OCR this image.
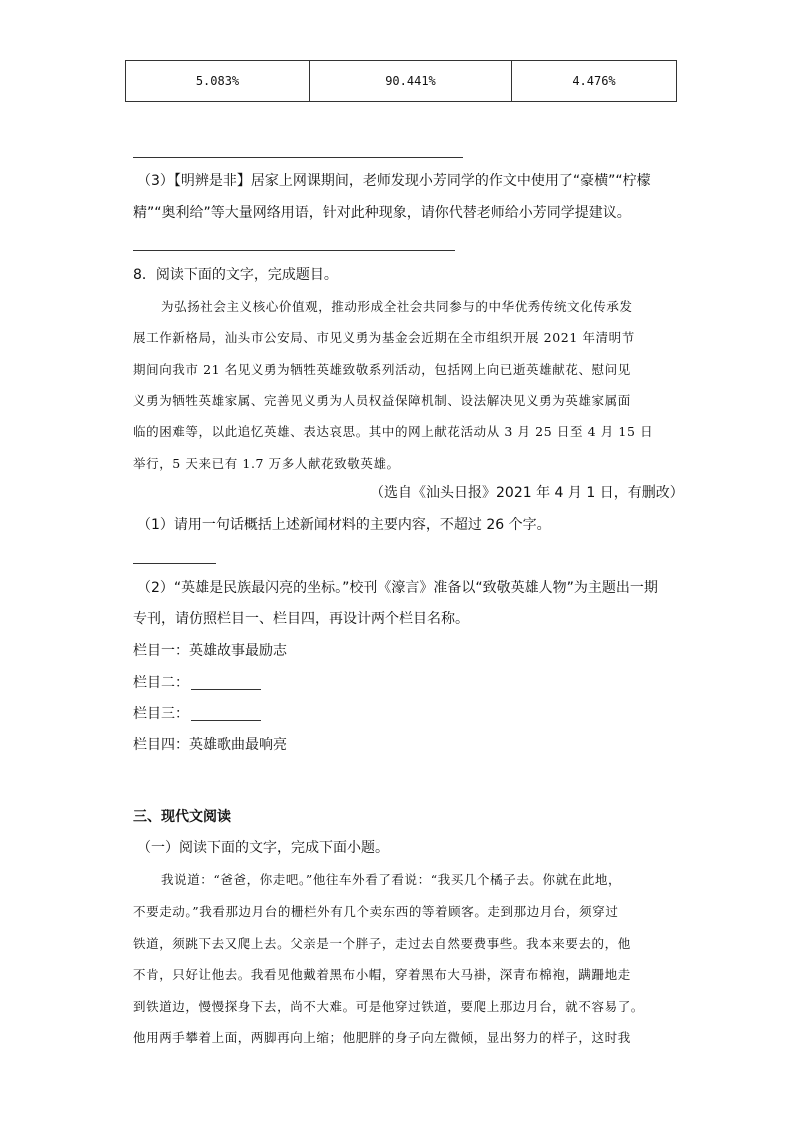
5.083%	90.441%	4.476%
（3）【明辨是非】居家上网课期间，老师发现小芳同学的作文中使用了“豪横”“柠檬
精”“奥利给”等大量网络用语，针对此种现象，请你代替老师给小芳同学提建议。
8．阅读下面的文字，完成题目。
为弘扬社会主义核心价值观，推动形成全社会共同参与的中华优秀传统文化传承发
展工作新格局，汕头市公安局、市见义勇为基金会近期在全市组织开展 2021 年清明节
期间向我市 21 名见义勇为牺牲英雄致敬系列活动，包括网上向已逝英雄献花、慰问见
义勇为牺牲英雄家属、完善见义勇为人员权益保障机制、设法解决见义勇为英雄家属面
临的困难等，以此追忆英雄、表达哀思。其中的网上献花活动从 3 月 25 日至 4 月 15 日
举行，5 天来已有 1.7 万多人献花致敬英雄。
（选自《汕头日报》2021 年 4 月 1 日，有删改）
（1）请用一句话概括上述新闻材料的主要内容，不超过 26 个字。
（2）“英雄是民族最闪亮的坐标。”校刊《濠言》准备以“致敬英雄人物”为主题出一期
专刊，请仿照栏目一、栏目四，再设计两个栏目名称。
栏目一：英雄故事最励志
栏目二：
栏目三：
栏目四：英雄歌曲最响亮
三、现代文阅读
（一）阅读下面的文字，完成下面小题。
我说道：“爸爸，你走吧。”他往车外看了看说：“我买几个橘子去。你就在此地，
不要走动。”我看那边月台的栅栏外有几个卖东西的等着顾客。走到那边月台，须穿过
铁道，须跳下去又爬上去。父亲是一个胖子，走过去自然要费事些。我本来要去的，他
不肯，只好让他去。我看见他戴着黑布小帽，穿着黑布大马褂，深青布棉袍，蹒跚地走
到铁道边，慢慢探身下去，尚不大难。可是他穿过铁道，要爬上那边月台，就不容易了。
他用两手攀着上面，两脚再向上缩；他肥胖的身子向左微倾，显出努力的样子，这时我
